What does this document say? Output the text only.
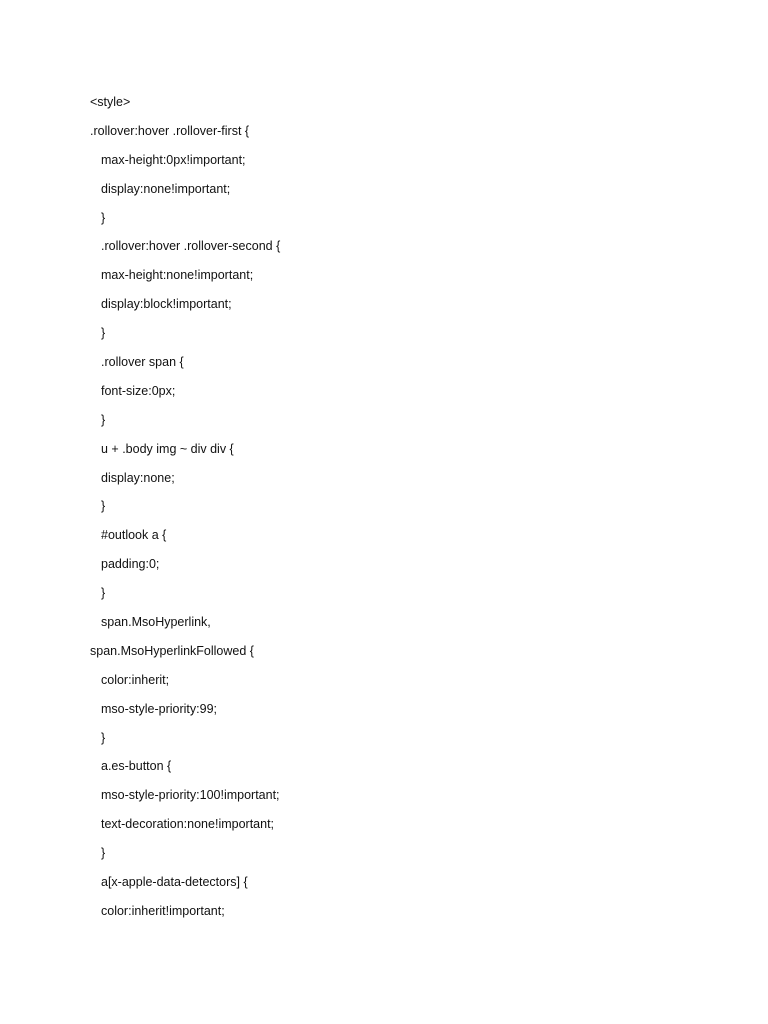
<style>
.rollover:hover .rollover-first {
max-height:0px!important;
display:none!important;
}
.rollover:hover .rollover-second {
max-height:none!important;
display:block!important;
}
.rollover span {
font-size:0px;
}
u + .body img ~ div div {
display:none;
}
#outlook a {
padding:0;
}
span.MsoHyperlink,
span.MsoHyperlinkFollowed {
color:inherit;
mso-style-priority:99;
}
a.es-button {
mso-style-priority:100!important;
text-decoration:none!important;
}
a[x-apple-data-detectors] {
color:inherit!important;
